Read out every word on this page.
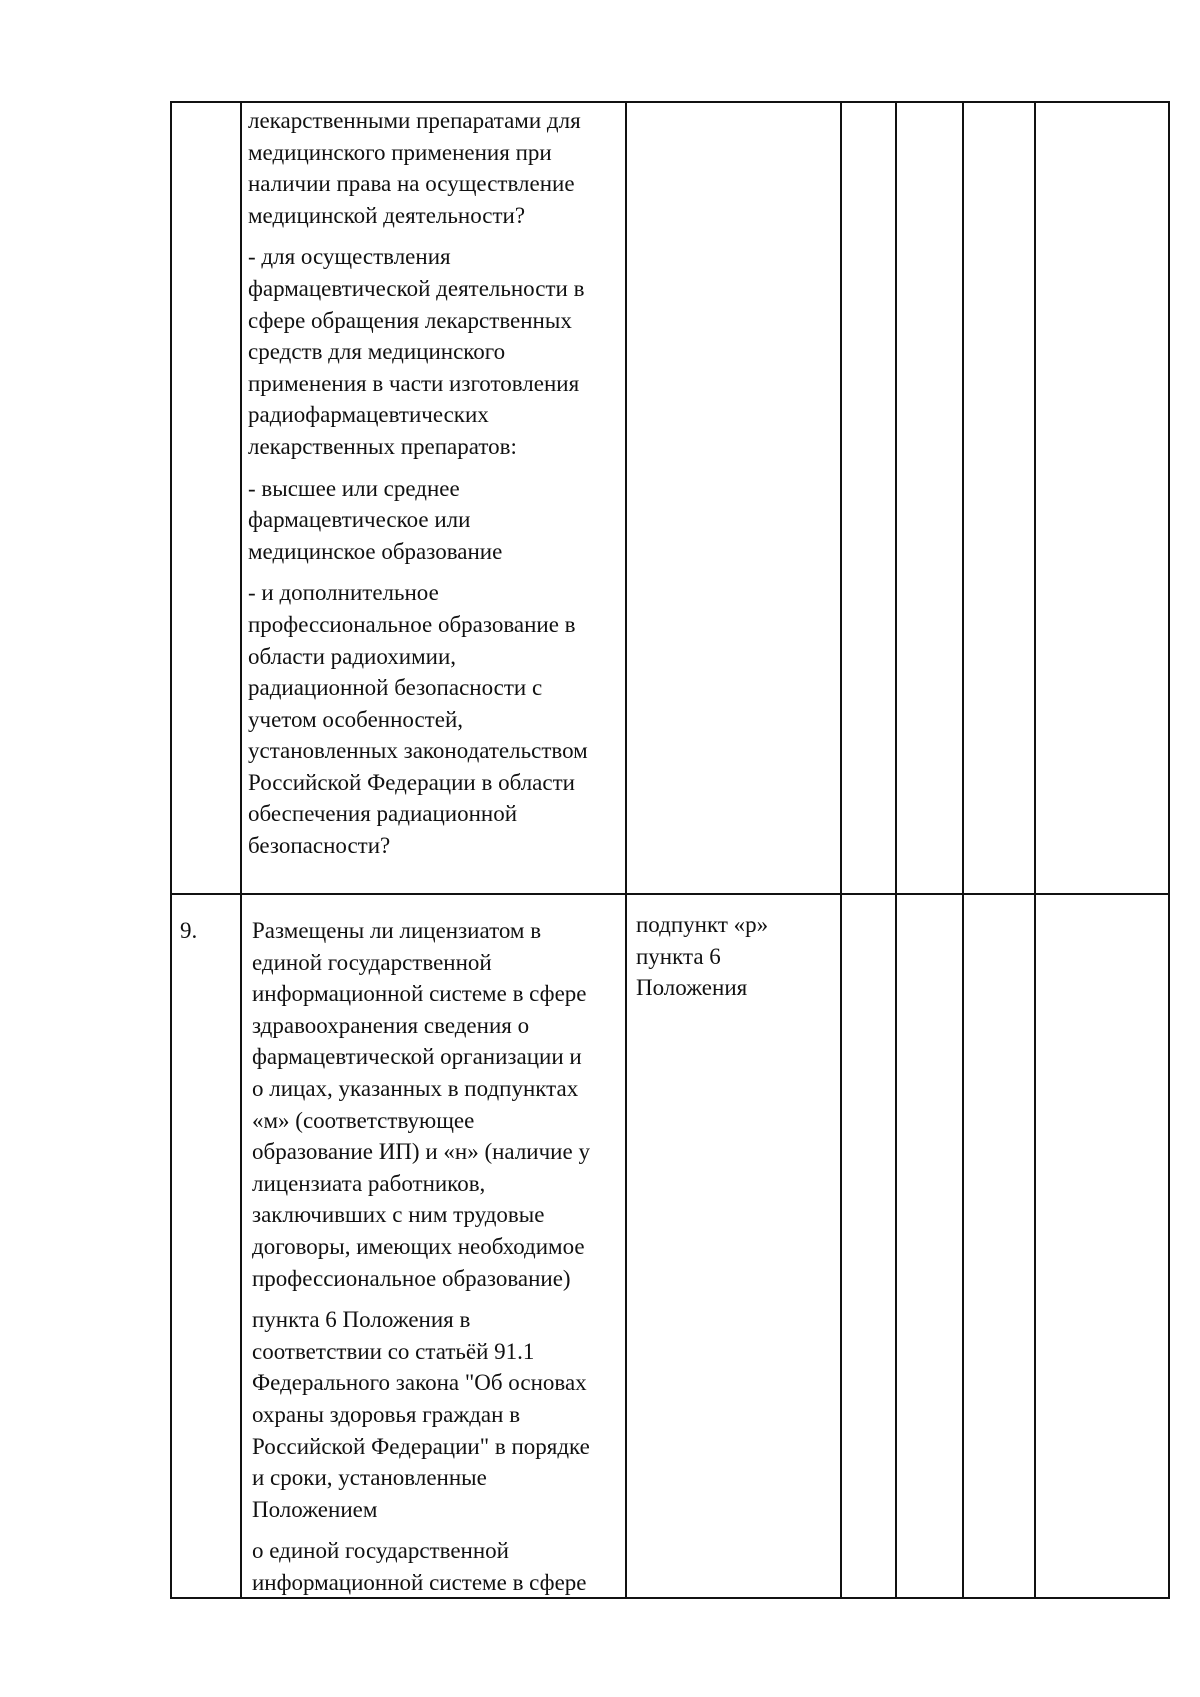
лекарственными препаратами для
медицинского применения при
наличии права на осуществление
медицинской деятельности?

- для осуществления
фармацевтической деятельности в
сфере обращения лекарственных
средств для медицинского
применения в части изготовления
радиофармацевтических
лекарственных препаратов:

- высшее или среднее
фармацевтическое или
медицинское образование

- и дополнительное
профессиональное образование в
области радиохимии,
радиационной безопасности с
учетом особенностей,
установленных законодательством
Российской Федерации в области
обеспечения радиационной
безопасности?

9. Размещены ли лицензиатом в
единой государственной
информационной системе в сфере
здравоохранения сведения о
фармацевтической организации и
о лицах, указанных в подпунктах
«м» (соответствующее
образование ИП) и «н» (наличие у
лицензиата работников,
заключивших с ним трудовые
договоры, имеющих необходимое
профессиональное образование)

пункта 6 Положения в
соответствии со статьёй 91.1
Федерального закона "Об основах
охраны здоровья граждан в
Российской Федерации" в порядке
и сроки, установленные
Положением

о единой государственной
информационной системе в сфере

подпункт «р»
пункта 6
Положения
